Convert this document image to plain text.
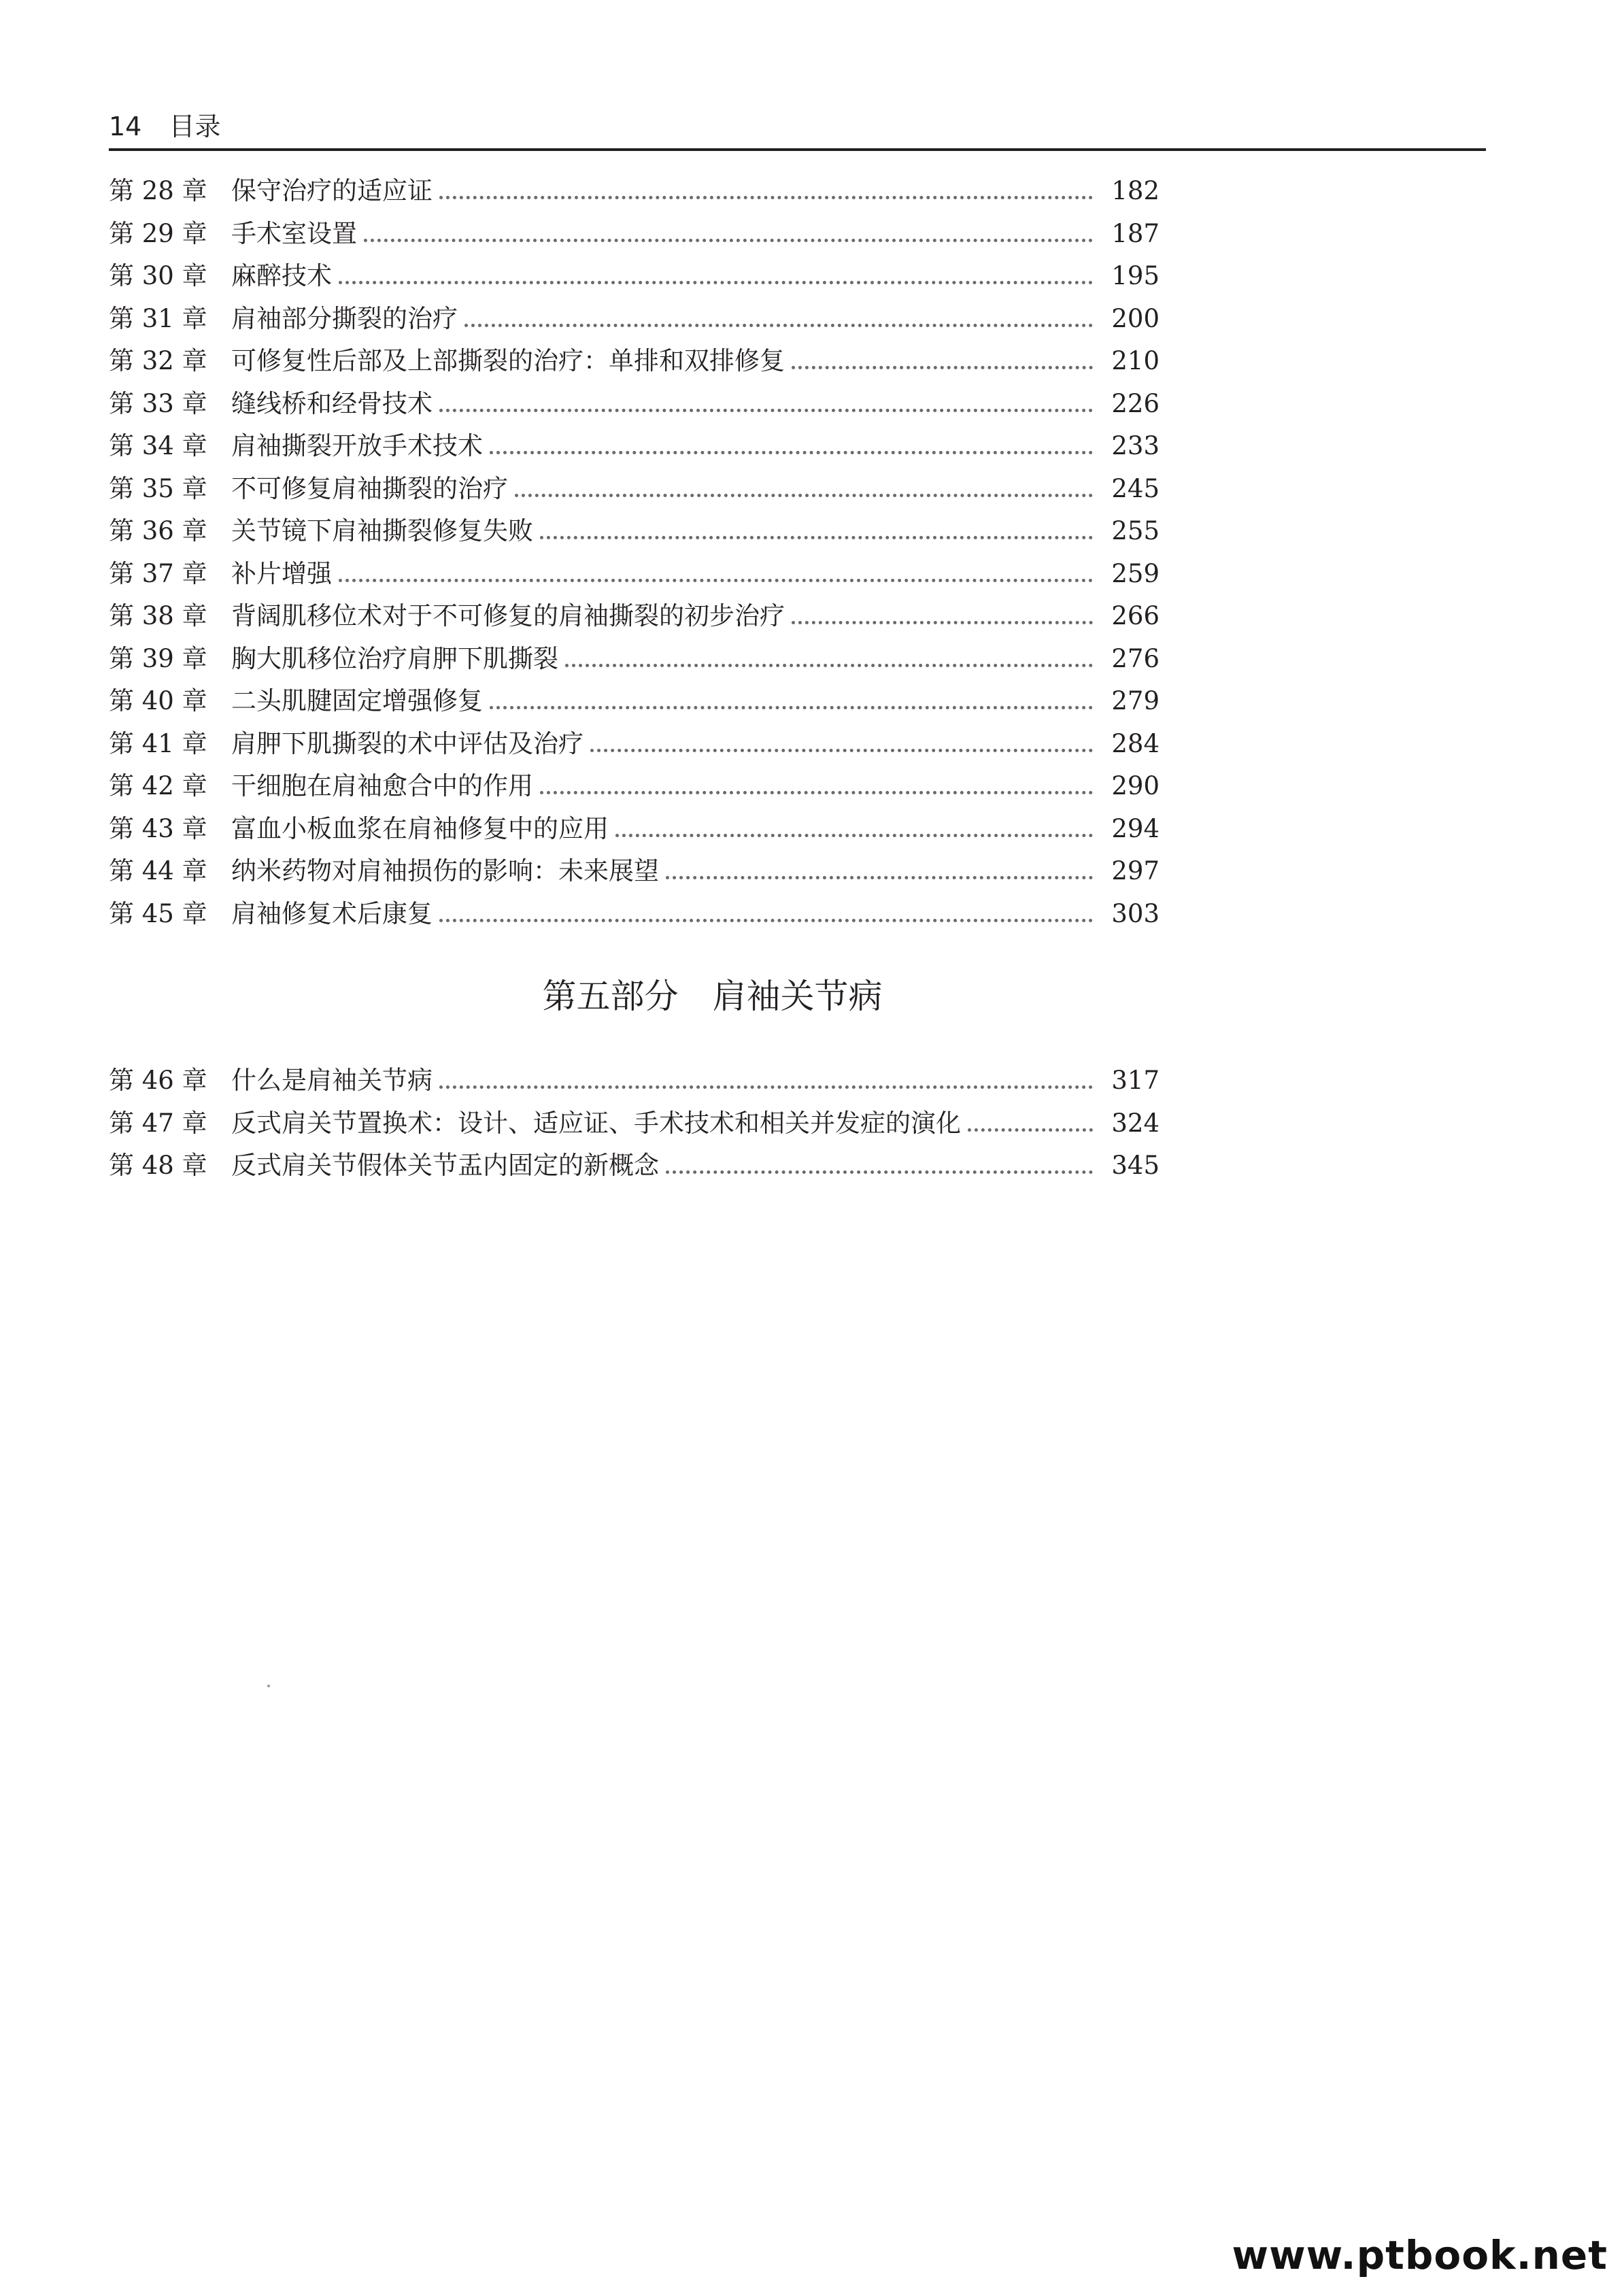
14 目录
第 28 章 保守治疗的适应证	182
第 29 章 手术室设置	187
第 30 章 麻醉技术	195
第 31 章 肩袖部分撕裂的治疗	200
第 32 章 可修复性后部及上部撕裂的治疗：单排和双排修复	210
第 33 章 缝线桥和经骨技术	226
第 34 章 肩袖撕裂开放手术技术	233
第 35 章 不可修复肩袖撕裂的治疗	245
第 36 章 关节镜下肩袖撕裂修复失败	255
第 37 章 补片增强	259
第 38 章 背阔肌移位术对于不可修复的肩袖撕裂的初步治疗	266
第 39 章 胸大肌移位治疗肩胛下肌撕裂	276
第 40 章 二头肌腱固定增强修复	279
第 41 章 肩胛下肌撕裂的术中评估及治疗	284
第 42 章 干细胞在肩袖愈合中的作用	290
第 43 章 富血小板血浆在肩袖修复中的应用	294
第 44 章 纳米药物对肩袖损伤的影响：未来展望	297
第 45 章 肩袖修复术后康复	303
第五部分　肩袖关节病
第 46 章 什么是肩袖关节病	317
第 47 章 反式肩关节置换术：设计、适应证、手术技术和相关并发症的演化	324
第 48 章 反式肩关节假体关节盂内固定的新概念	345
www.ptbook.net
